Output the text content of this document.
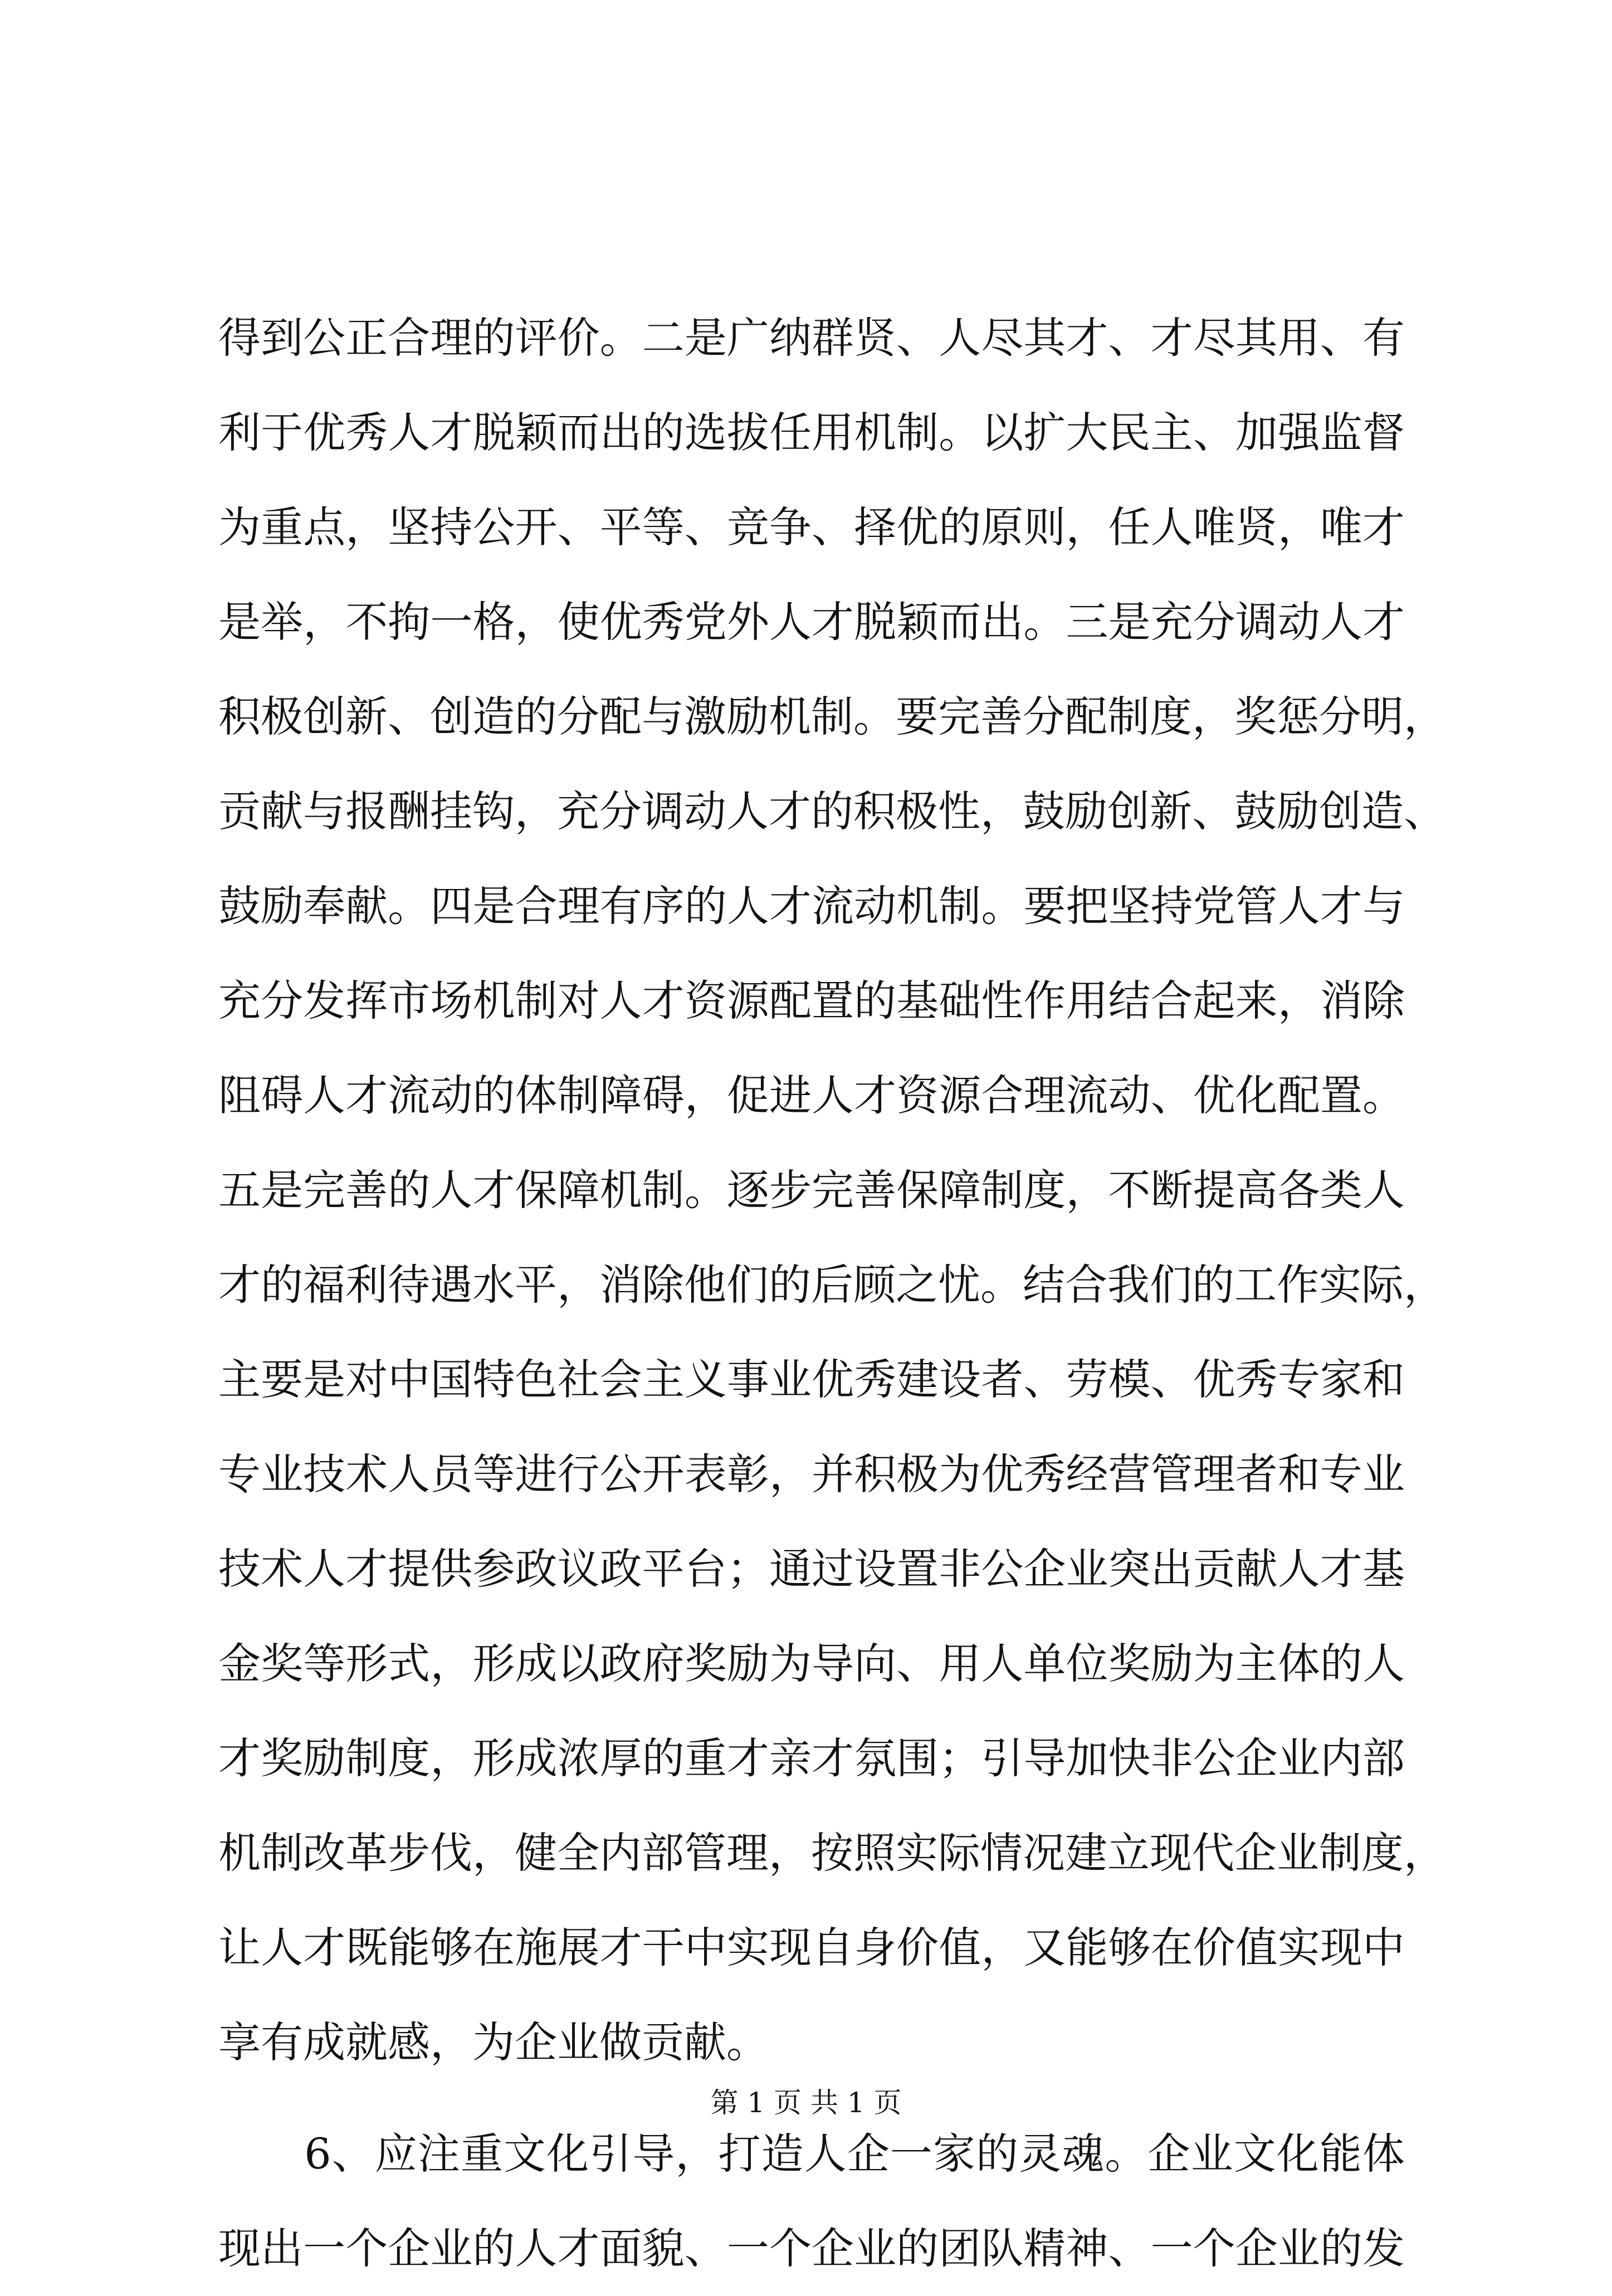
得到公正合理的评价。二是广纳群贤、人尽其才、才尽其用、有
利于优秀人才脱颖而出的选拔任用机制。以扩大民主、加强监督
为重点，坚持公开、平等、竞争、择优的原则，任人唯贤，唯才
是举，不拘一格，使优秀党外人才脱颖而出。三是充分调动人才
积极创新、创造的分配与激励机制。要完善分配制度，奖惩分明，
贡献与报酬挂钩，充分调动人才的积极性，鼓励创新、鼓励创造、
鼓励奉献。四是合理有序的人才流动机制。要把坚持党管人才与
充分发挥市场机制对人才资源配置的基础性作用结合起来，消除
阻碍人才流动的体制障碍，促进人才资源合理流动、优化配置。
五是完善的人才保障机制。逐步完善保障制度，不断提高各类人
才的福利待遇水平，消除他们的后顾之忧。结合我们的工作实际，
主要是对中国特色社会主义事业优秀建设者、劳模、优秀专家和
专业技术人员等进行公开表彰，并积极为优秀经营管理者和专业
技术人才提供参政议政平台；通过设置非公企业突出贡献人才基
金奖等形式，形成以政府奖励为导向、用人单位奖励为主体的人
才奖励制度，形成浓厚的重才亲才氛围；引导加快非公企业内部
机制改革步伐，健全内部管理，按照实际情况建立现代企业制度，
让人才既能够在施展才干中实现自身价值，又能够在价值实现中
享有成就感，为企业做贡献。
　　6、应注重文化引导，打造人企一家的灵魂。企业文化能体
现出一个企业的人才面貌、一个企业的团队精神、一个企业的发
第 1 页 共 1 页
